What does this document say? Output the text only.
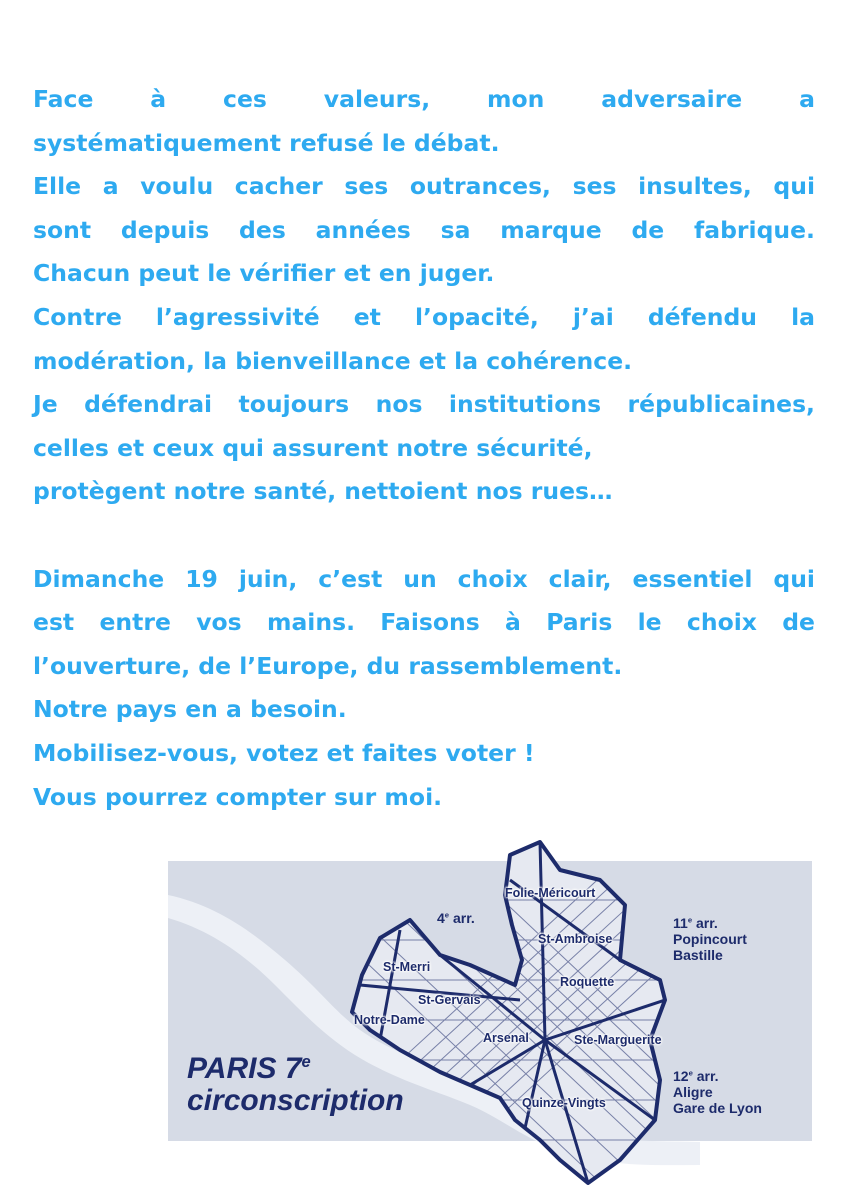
Face à ces valeurs, mon adversaire a
systématiquement refusé le débat.
Elle a voulu cacher ses outrances, ses insultes, qui
sont depuis des années sa marque de fabrique.
Chacun peut le vérifier et en juger.
Contre l’agressivité et l’opacité, j’ai défendu la
modération, la bienveillance et la cohérence.
Je défendrai toujours nos institutions républicaines,
celles et ceux qui assurent notre sécurité,
protègent notre santé, nettoient nos rues…
Dimanche 19 juin, c’est un choix clair, essentiel qui
est entre vos mains. Faisons à Paris le choix de
l’ouverture, de l’Europe, du rassemblement.
Notre pays en a besoin.
Mobilisez-vous, votez et faites voter !
Vous pourrez compter sur moi.
4e arr.	11e arr.
Popincourt
Bastille
12e arr.
Aligre
Gare de Lyon
Folie-Méricourt
St-Ambroise
St-Merri
Roquette
St-Gervais
Notre-Dame
Arsenal	Ste-Marguerite
Quinze-Vingts
PARIS 7e
circonscription
